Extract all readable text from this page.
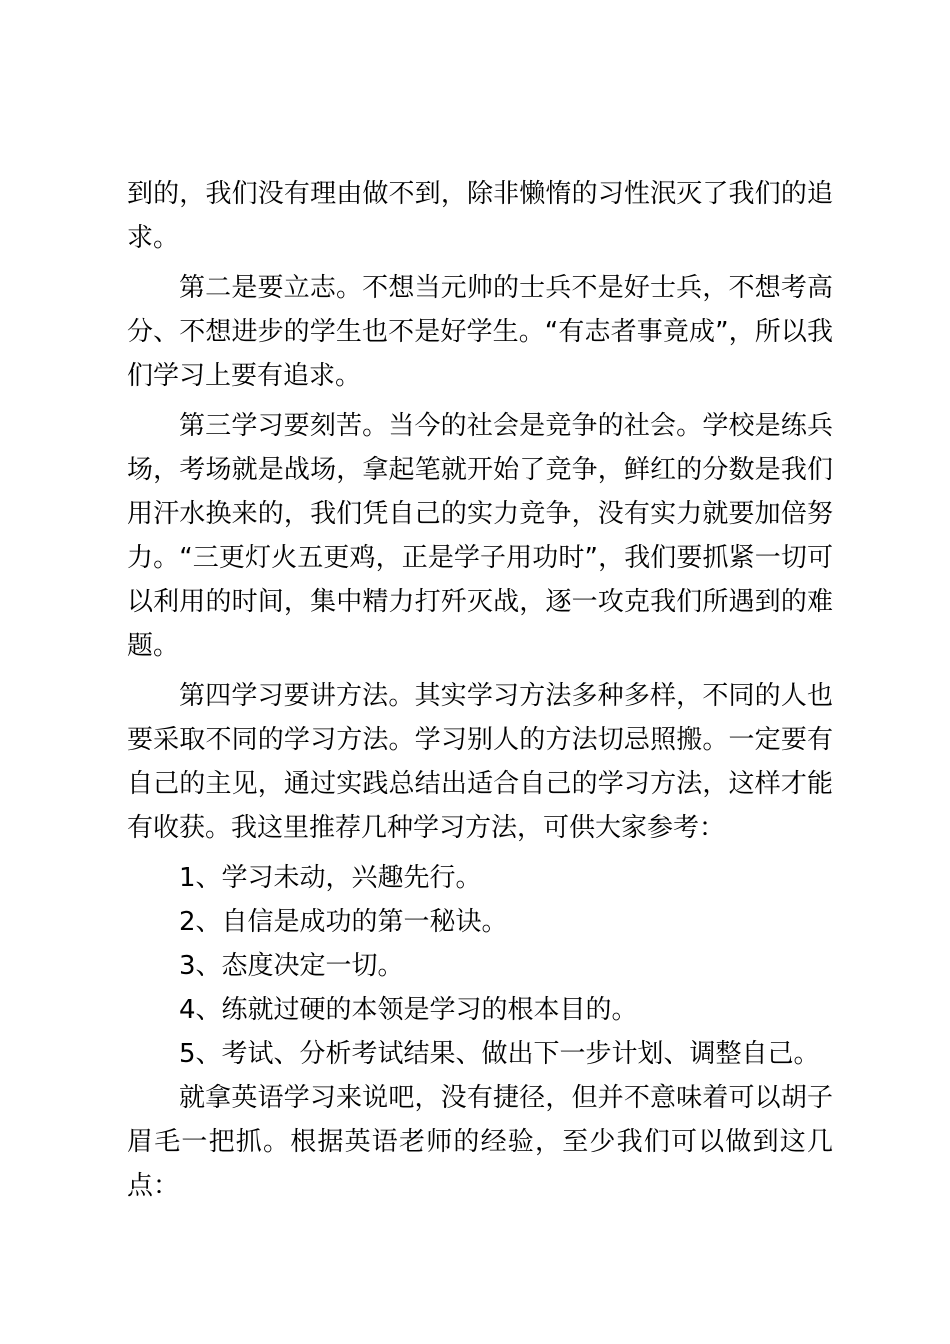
到的，我们没有理由做不到，除非懒惰的习性泯灭了我们的追求。

第二是要立志。不想当元帅的士兵不是好士兵，不想考高分、不想进步的学生也不是好学生。“有志者事竟成”，所以我们学习上要有追求。

第三学习要刻苦。当今的社会是竞争的社会。学校是练兵场，考场就是战场，拿起笔就开始了竞争，鲜红的分数是我们用汗水换来的，我们凭自己的实力竞争，没有实力就要加倍努力。“三更灯火五更鸡，正是学子用功时”，我们要抓紧一切可以利用的时间，集中精力打歼灭战，逐一攻克我们所遇到的难题。

第四学习要讲方法。其实学习方法多种多样，不同的人也要采取不同的学习方法。学习别人的方法切忌照搬。一定要有自己的主见，通过实践总结出适合自己的学习方法，这样才能有收获。我这里推荐几种学习方法，可供大家参考：

1、学习未动，兴趣先行。

2、自信是成功的第一秘诀。

3、态度决定一切。

4、练就过硬的本领是学习的根本目的。

5、考试、分析考试结果、做出下一步计划、调整自己。

就拿英语学习来说吧，没有捷径，但并不意味着可以胡子眉毛一把抓。根据英语老师的经验，至少我们可以做到这几点：
